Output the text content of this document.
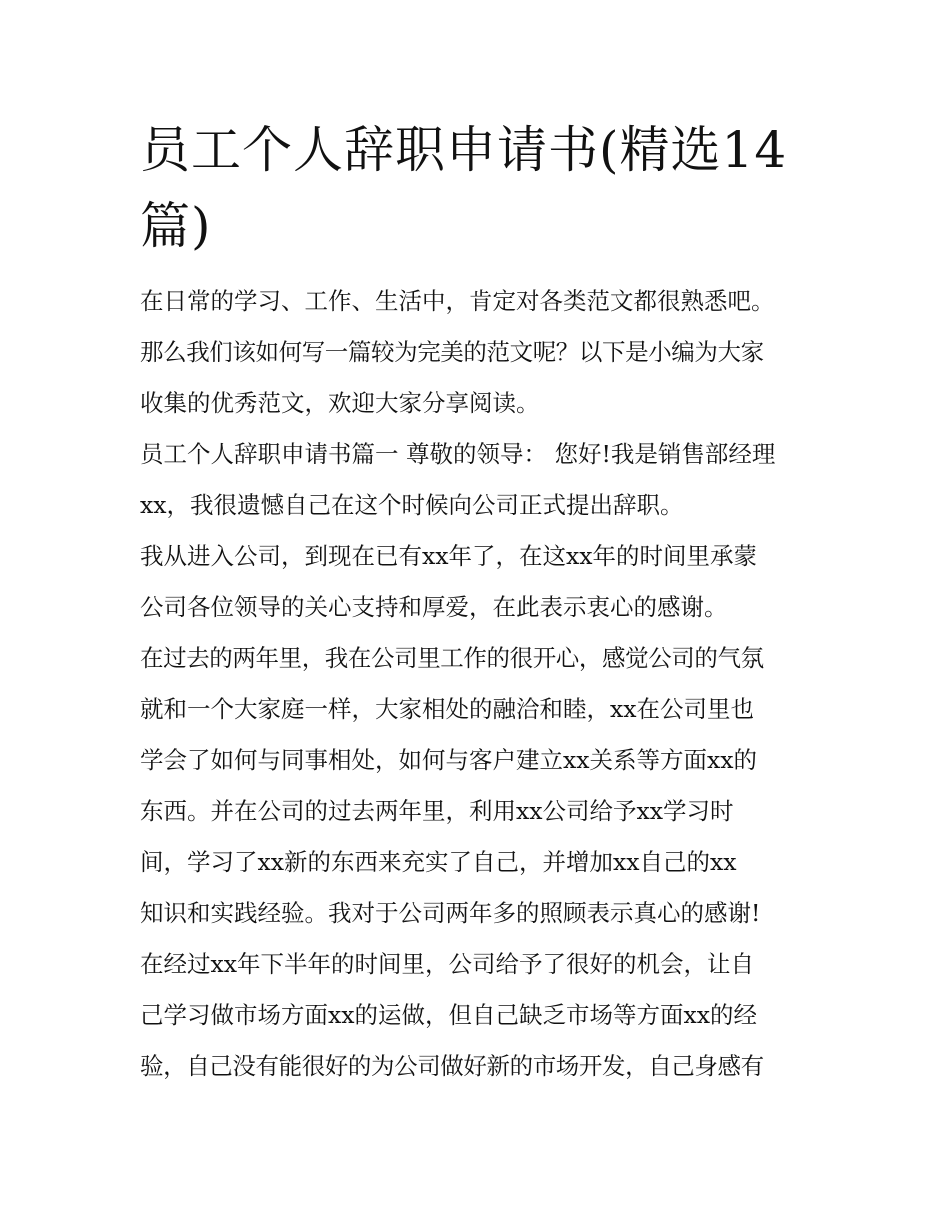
员工个人辞职申请书(精选14
篇)
在日常的学习、工作、生活中，肯定对各类范文都很熟悉吧。
那么我们该如何写一篇较为完美的范文呢？以下是小编为大家
收集的优秀范文，欢迎大家分享阅读。
员工个人辞职申请书篇一 尊敬的领导： 您好!我是销售部经理
xx，我很遗憾自己在这个时候向公司正式提出辞职。
我从进入公司，到现在已有xx年了，在这xx年的时间里承蒙
公司各位领导的关心支持和厚爱，在此表示衷心的感谢。
在过去的两年里，我在公司里工作的很开心，感觉公司的气氛
就和一个大家庭一样，大家相处的融洽和睦，xx在公司里也
学会了如何与同事相处，如何与客户建立xx关系等方面xx的
东西。并在公司的过去两年里，利用xx公司给予xx学习时
间，学习了xx新的东西来充实了自己，并增加xx自己的xx
知识和实践经验。我对于公司两年多的照顾表示真心的感谢!
在经过xx年下半年的时间里，公司给予了很好的机会，让自
己学习做市场方面xx的运做，但自己缺乏市场等方面xx的经
验，自己没有能很好的为公司做好新的市场开发，自己身感有
